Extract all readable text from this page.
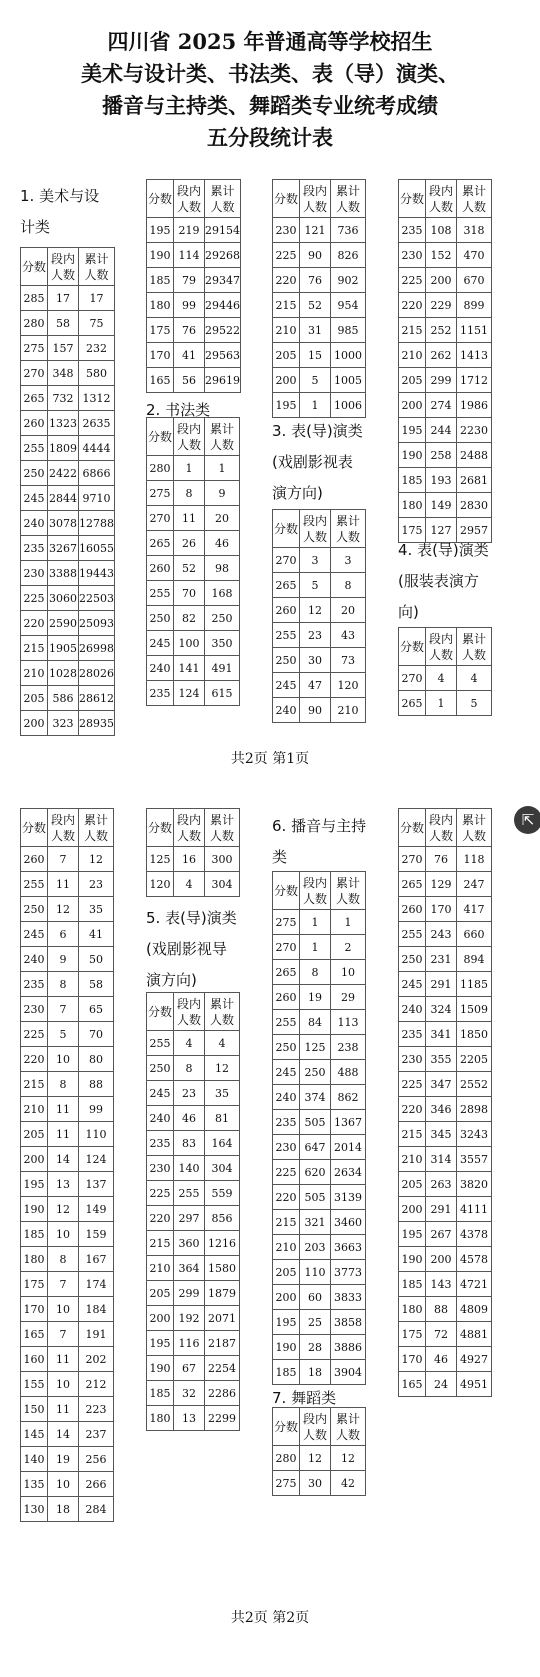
四川省 2025 年普通高等学校招生
美术与设计类、书法类、表（导）演类、
播音与主持类、舞蹈类专业统考成绩
五分段统计表
1. 美术与设
计类
2. 书法类
3. 表(导)演类
(戏剧影视表
演方向)
4. 表(导)演类
(服装表演方
向)
分数	段内
人数	累计
人数
285	17	17
280	58	75
275	157	232
270	348	580
265	732	1312
260	1323	2635
255	1809	4444
250	2422	6866
245	2844	9710
240	3078	12788
235	3267	16055
230	3388	19443
225	3060	22503
220	2590	25093
215	1905	26998
210	1028	28026
205	586	28612
200	323	28935
分数	段内
人数	累计
人数
195	219	29154
190	114	29268
185	79	29347
180	99	29446
175	76	29522
170	41	29563
165	56	29619
分数	段内
人数	累计
人数
280	1	1
275	8	9
270	11	20
265	26	46
260	52	98
255	70	168
250	82	250
245	100	350
240	141	491
235	124	615
分数	段内
人数	累计
人数
230	121	736
225	90	826
220	76	902
215	52	954
210	31	985
205	15	1000
200	5	1005
195	1	1006
分数	段内
人数	累计
人数
270	3	3
265	5	8
260	12	20
255	23	43
250	30	73
245	47	120
240	90	210
分数	段内
人数	累计
人数
235	108	318
230	152	470
225	200	670
220	229	899
215	252	1151
210	262	1413
205	299	1712
200	274	1986
195	244	2230
190	258	2488
185	193	2681
180	149	2830
175	127	2957
分数	段内
人数	累计
人数
270	4	4
265	1	5
共2页 第1页
⇱
5. 表(导)演类
(戏剧影视导
演方向)
6. 播音与主持
类
7. 舞蹈类
分数	段内
人数	累计
人数
260	7	12
255	11	23
250	12	35
245	6	41
240	9	50
235	8	58
230	7	65
225	5	70
220	10	80
215	8	88
210	11	99
205	11	110
200	14	124
195	13	137
190	12	149
185	10	159
180	8	167
175	7	174
170	10	184
165	7	191
160	11	202
155	10	212
150	11	223
145	14	237
140	19	256
135	10	266
130	18	284
分数	段内
人数	累计
人数
125	16	300
120	4	304
分数	段内
人数	累计
人数
255	4	4
250	8	12
245	23	35
240	46	81
235	83	164
230	140	304
225	255	559
220	297	856
215	360	1216
210	364	1580
205	299	1879
200	192	2071
195	116	2187
190	67	2254
185	32	2286
180	13	2299
分数	段内
人数	累计
人数
275	1	1
270	1	2
265	8	10
260	19	29
255	84	113
250	125	238
245	250	488
240	374	862
235	505	1367
230	647	2014
225	620	2634
220	505	3139
215	321	3460
210	203	3663
205	110	3773
200	60	3833
195	25	3858
190	28	3886
185	18	3904
分数	段内
人数	累计
人数
280	12	12
275	30	42
分数	段内
人数	累计
人数
270	76	118
265	129	247
260	170	417
255	243	660
250	231	894
245	291	1185
240	324	1509
235	341	1850
230	355	2205
225	347	2552
220	346	2898
215	345	3243
210	314	3557
205	263	3820
200	291	4111
195	267	4378
190	200	4578
185	143	4721
180	88	4809
175	72	4881
170	46	4927
165	24	4951
共2页 第2页
